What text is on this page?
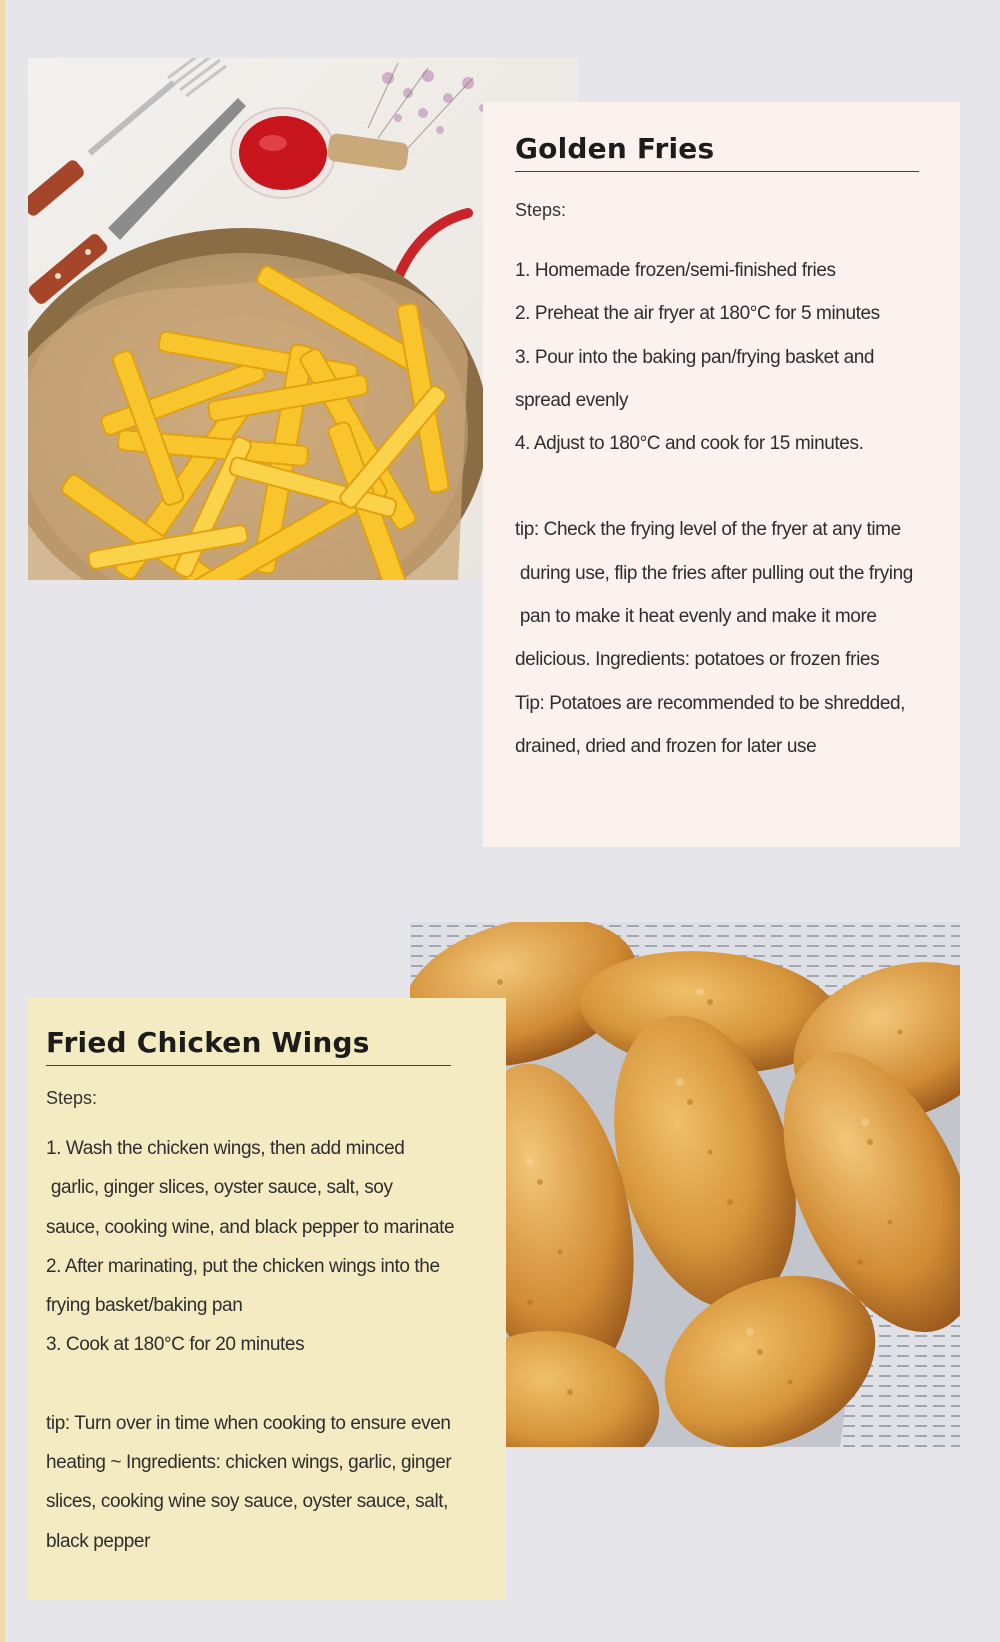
Golden Fries
Steps:
1. Homemade frozen/semi-finished fries
2. Preheat the air fryer at 180°C for 5 minutes
3. Pour into the baking pan/frying basket and
spread evenly
4. Adjust to 180°C and cook for 15 minutes.
tip: Check the frying level of the fryer at any time
during use, flip the fries after pulling out the frying
pan to make it heat evenly and make it more
delicious. Ingredients: potatoes or frozen fries
Tip: Potatoes are recommended to be shredded,
drained, dried and frozen for later use
Fried Chicken Wings
Steps:
1. Wash the chicken wings, then add minced
garlic, ginger slices, oyster sauce, salt, soy
sauce, cooking wine, and black pepper to marinate
2. After marinating, put the chicken wings into the
frying basket/baking pan
3. Cook at 180°C for 20 minutes
tip: Turn over in time when cooking to ensure even
heating ~ Ingredients: chicken wings, garlic, ginger
slices, cooking wine soy sauce, oyster sauce, salt,
black pepper
